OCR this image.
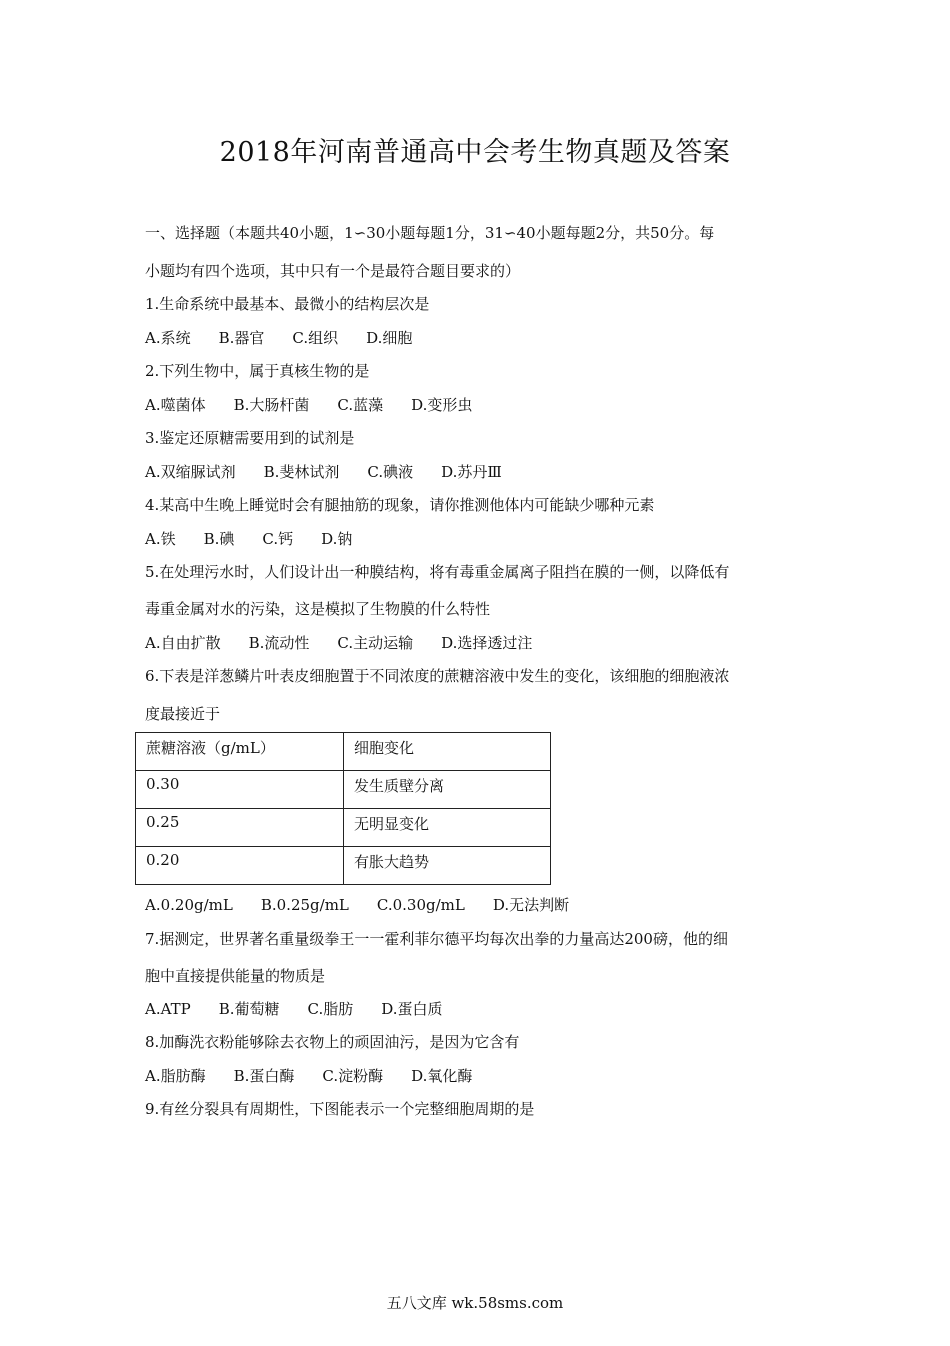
2018年河南普通高中会考生物真题及答案
一、选择题（本题共40小题，1∽30小题每题1分，31∽40小题每题2分，共50分。每
小题均有四个选项，其中只有一个是最符合题目要求的）
1.生命系统中最基本、最微小的结构层次是
A.系统 B.器官 C.组织 D.细胞
2.下列生物中，属于真核生物的是
A.噬菌体 B.大肠杆菌 C.蓝藻 D.变形虫
3.鉴定还原糖需要用到的试剂是
A.双缩脲试剂 B.斐林试剂 C.碘液 D.苏丹Ⅲ
4.某高中生晚上睡觉时会有腿抽筋的现象，请你推测他体内可能缺少哪种元素
A.铁 B.碘 C.钙 D.钠
5.在处理污水时，人们设计出一种膜结构，将有毒重金属离子阻挡在膜的一侧，以降低有
毒重金属对水的污染，这是模拟了生物膜的什么特性
A.自由扩散 B.流动性 C.主动运输 D.选择透过注
6.下表是洋葱鳞片叶表皮细胞置于不同浓度的蔗糖溶液中发生的变化，该细胞的细胞液浓
度最接近于
蔗糖溶液（g/mL）	细胞变化
0.30	发生质壁分离
0.25	无明显变化
0.20	有胀大趋势
A.0.20g/mL B.0.25g/mL C.0.30g/mL D.无法判断
7.据测定，世界著名重量级拳王一一霍利菲尔德平均每次出拳的力量高达200磅，他的细
胞中直接提供能量的物质是
A.ATP B.葡萄糖 C.脂肪 D.蛋白质
8.加酶洗衣粉能够除去衣物上的顽固油污，是因为它含有
A.脂肪酶 B.蛋白酶 C.淀粉酶 D.氧化酶
9.有丝分裂具有周期性，下图能表示一个完整细胞周期的是
五八文库 wk.58sms.com
